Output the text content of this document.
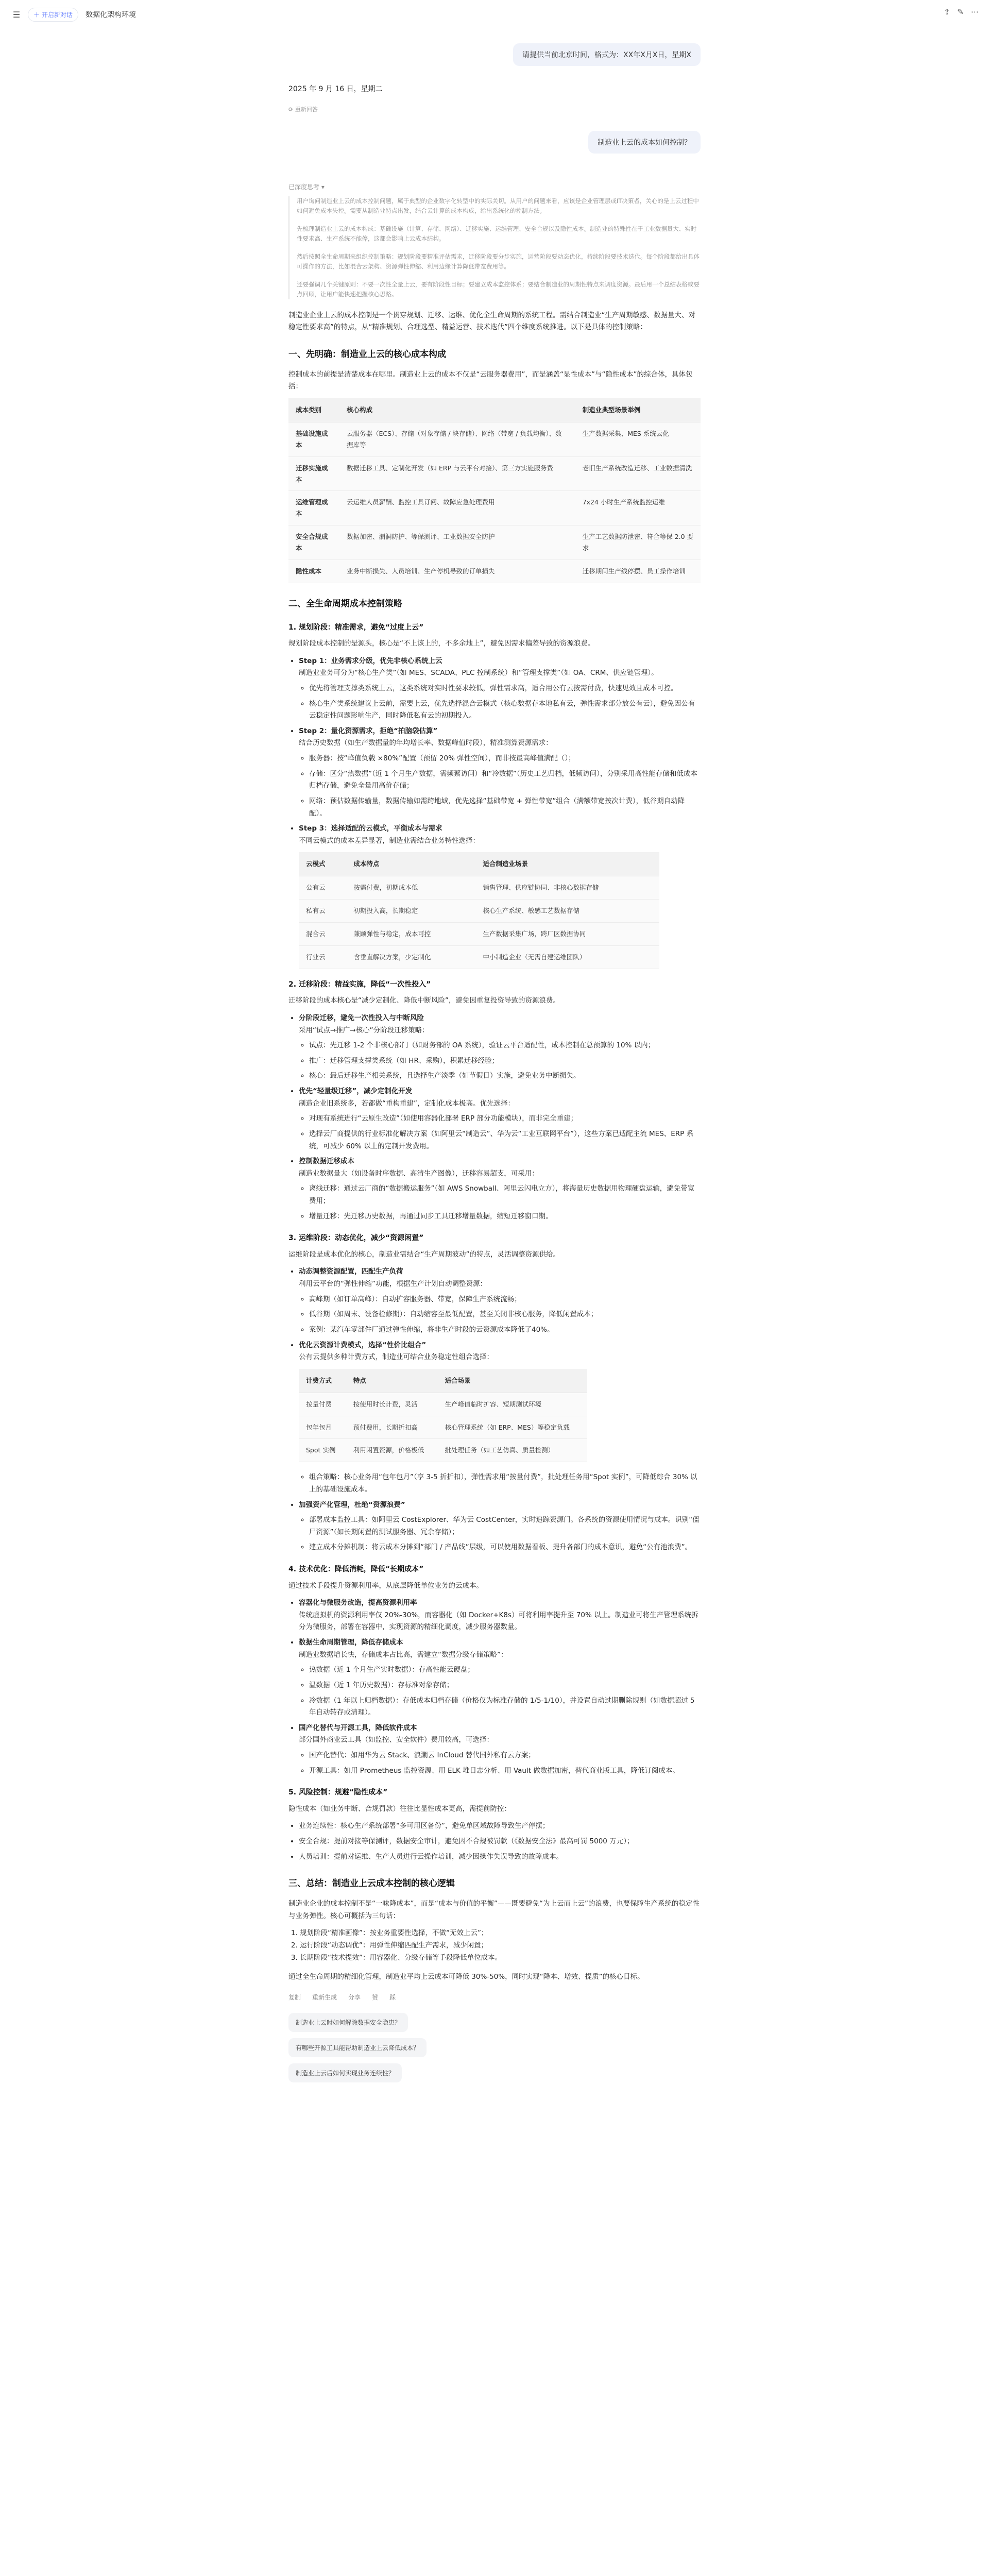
☰	＋ 开启新对话 数据化架构环境	⇪ ✎ ⋯
请提供当前北京时间，格式为：XX年X月X日，星期X
2025 年 9 月 16 日，星期二
⟳ 重新回答
制造业上云的成本如何控制？
已深度思考 ▾

用户询问制造业上云的成本控制问题，属于典型的企业数字化转型中的实际关切。从用户的问题来看，应该是企业管理层或IT决策者，关心的是上云过程中如何避免成本失控。需要从制造业特点出发，结合云计算的成本构成，给出系统化的控制方法。

先梳理制造业上云的成本构成：基础设施（计算、存储、网络）、迁移实施、运维管理、安全合规以及隐性成本。制造业的特殊性在于工业数据量大、实时性要求高、生产系统不能停，这都会影响上云成本结构。

然后按照全生命周期来组织控制策略：规划阶段要精准评估需求，迁移阶段要分步实施，运营阶段要动态优化，持续阶段要技术迭代。每个阶段都给出具体可操作的方法，比如混合云架构、资源弹性伸缩、利用边缘计算降低带宽费用等。

还要强调几个关键原则：不要一次性全量上云，要有阶段性目标；要建立成本监控体系；要结合制造业的周期性特点来调度资源。最后用一个总结表格或要点回顾，让用户能快速把握核心思路。

制造业企业上云的成本控制是一个贯穿规划、迁移、运维、优化全生命周期的系统工程。需结合制造业“生产周期敏感、数据量大、对稳定性要求高”的特点，从“精准规划、合理选型、精益运营、技术迭代”四个维度系统推进。以下是具体的控制策略：

一、先明确：制造业上云的核心成本构成

控制成本的前提是清楚成本在哪里。制造业上云的成本不仅是“云服务器费用”，而是涵盖“显性成本”与“隐性成本”的综合体，具体包括：

成本类别	核心构成	制造业典型场景举例
基础设施成本	云服务器（ECS）、存储（对象存储 / 块存储）、网络（带宽 / 负载均衡）、数据库等	生产数据采集、MES 系统云化
迁移实施成本	数据迁移工具、定制化开发（如 ERP 与云平台对接）、第三方实施服务费	老旧生产系统改造迁移、工业数据清洗
运维管理成本	云运维人员薪酬、监控工具订阅、故障应急处理费用	7x24 小时生产系统监控运维
安全合规成本	数据加密、漏洞防护、等保测评、工业数据安全防护	生产工艺数据防泄密、符合等保 2.0 要求
隐性成本	业务中断损失、人员培训、生产停机导致的订单损失	迁移期间生产线停摆、员工操作培训
二、全生命周期成本控制策略
1. 规划阶段：精准需求，避免“过度上云”

规划阶段成本控制的是源头，核心是“不上该上的，不多余地上”，避免因需求偏差导致的资源浪费。

• Step 1：业务需求分级，优先非核心系统上云
制造业业务可分为“核心生产类”（如 MES、SCADA、PLC 控制系统）和“管理支撑类”（如 OA、CRM、供应链管理）。
◦ 优先将管理支撑类系统上云，这类系统对实时性要求较低，弹性需求高，适合用公有云按需付费，快速见效且成本可控。
◦ 核心生产类系统建议上云前，需要上云，优先选择混合云模式（核心数据存本地私有云，弹性需求部分放公有云），避免因公有云稳定性问题影响生产，同时降低私有云的初期投入。
• Step 2：量化资源需求，拒绝“拍脑袋估算”
结合历史数据（如生产数据量的年均增长率、数据峰值时段），精准测算资源需求：
◦ 服务器：按“峰值负载 ×80%”配置（预留 20% 弹性空间），而非按最高峰值满配（）；
◦ 存储：区分“热数据”（近 1 个月生产数据，需频繁访问）和“冷数据”（历史工艺归档，低频访问），分别采用高性能存储和低成本归档存储，避免全量用高价存储；
◦ 网络：预估数据传输量，数据传输如需跨地域，优先选择“基础带宽 + 弹性带宽”组合（满额带宽按次计费），低谷期自动降配）。
• Step 3：选择适配的云模式，平衡成本与需求
不同云模式的成本差异显著，制造业需结合业务特性选择：
云模式	成本特点	适合制造业场景
公有云	按需付费，初期成本低	销售管理、供应链协同、非核心数据存储
私有云	初期投入高，长期稳定	核心生产系统、敏感工艺数据存储
混合云	兼顾弹性与稳定，成本可控	生产数据采集广场，跨厂区数据协同
行业云	含垂直解决方案，少定制化	中小制造企业（无需自建运维团队）
2. 迁移阶段：精益实施，降低“一次性投入”

迁移阶段的成本核心是“减少定制化、降低中断风险”，避免因重复投资导致的资源浪费。

• 分阶段迁移，避免一次性投入与中断风险
采用“试点→推广→核心”分阶段迁移策略：
◦ 试点：先迁移 1-2 个非核心部门（如财务部的 OA 系统），验证云平台适配性，成本控制在总预算的 10% 以内；
◦ 推广：迁移管理支撑类系统（如 HR、采购），积累迁移经验；
◦ 核心：最后迁移生产相关系统，且选择生产淡季（如节假日）实施，避免业务中断损失。
• 优先“轻量级迁移”，减少定制化开发
制造企业旧系统多，若都做“重构重建”，定制化成本极高。优先选择：
◦ 对现有系统进行“云原生改造”（如使用容器化部署 ERP 部分功能模块），而非完全重建；
◦ 选择云厂商提供的行业标准化解决方案（如阿里云“制造云”、华为云“工业互联网平台”），这些方案已适配主流 MES、ERP 系统，可减少 60% 以上的定制开发费用。
• 控制数据迁移成本
制造业数据量大（如设备时序数据、高清生产图像），迁移容易超支，可采用：
◦ 离线迁移：通过云厂商的“数据搬运服务”（如 AWS Snowball、阿里云闪电立方），将海量历史数据用物理硬盘运输，避免带宽费用；
◦ 增量迁移：先迁移历史数据，再通过同步工具迁移增量数据，缩短迁移窗口期。
3. 运维阶段：动态优化，减少“资源闲置”

运维阶段是成本优化的核心，制造业需结合“生产周期波动”的特点，灵活调整资源供给。

• 动态调整资源配置，匹配生产负荷
利用云平台的“弹性伸缩”功能，根据生产计划自动调整资源：
◦ 高峰期（如订单高峰）：自动扩容服务器、带宽，保障生产系统流畅；
◦ 低谷期（如周末、设备检修期）：自动缩容至最低配置，甚至关闭非核心服务，降低闲置成本；
◦ 案例：某汽车零部件厂通过弹性伸缩，将非生产时段的云资源成本降低了40%。
• 优化云资源计费模式，选择“性价比组合”
公有云提供多种计费方式，制造业可结合业务稳定性组合选择：
计费方式	特点	适合场景
按量付费	按使用时长计费，灵活	生产峰值临时扩容、短期测试环境
包年包月	预付费用，长期折扣高	核心管理系统（如 ERP、MES）等稳定负载
Spot 实例	利用闲置资源，价格极低	批处理任务（如工艺仿真、质量检测）
◦ 组合策略：核心业务用“包年包月”（享 3-5 折折扣），弹性需求用“按量付费”，批处理任务用“Spot 实例”，可降低综合 30% 以上的基础设施成本。
• 加强资产化管理，杜绝“资源浪费”
◦ 部署成本监控工具：如阿里云 CostExplorer、华为云 CostCenter，实时追踪资源门。各系统的资源使用情况与成本。识别“僵尸资源”（如长期闲置的测试服务器、冗余存储）；
◦ 建立成本分摊机制：将云成本分摊到“部门 / 产品线”层级，可以使用数据看板、提升各部门的成本意识，避免“公有池浪费”。
4. 技术优化：降低消耗，降低“长期成本”

通过技术手段提升资源利用率，从底层降低单位业务的云成本。

• 容器化与微服务改造，提高资源利用率
传统虚拟机的资源利用率仅 20%-30%，而容器化（如 Docker+K8s）可将利用率提升至 70% 以上。制造业可将生产管理系统拆分为微服务，部署在容器中，实现资源的精细化调度，减少服务器数量。
• 数据生命周期管理，降低存储成本
制造业数据增长快，存储成本占比高，需建立“数据分级存储策略”：
◦ 热数据（近 1 个月生产实时数据）：存高性能云硬盘；
◦ 温数据（近 1 年历史数据）：存标准对象存储；
◦ 冷数据（1 年以上归档数据）：存低成本归档存储（价格仅为标准存储的 1/5-1/10），并设置自动过期删除规则（如数据超过 5 年自动转存或清理）。
• 国产化替代与开源工具，降低软件成本
部分国外商业云工具（如监控、安全软件）费用较高，可选择：
◦ 国产化替代：如用华为云 Stack、浪潮云 InCloud 替代国外私有云方案；
◦ 开源工具：如用 Prometheus 监控资源、用 ELK 堆日志分析、用 Vault 做数据加密，替代商业版工具，降低订阅成本。
5. 风险控制：规避“隐性成本”

隐性成本（如业务中断、合规罚款）往往比显性成本更高，需提前防控：

• 业务连续性：核心生产系统部署“多可用区备份”，避免单区域故障导致生产停摆；
• 安全合规：提前对接等保测评，数据安全审计，避免因不合规被罚款（《数据安全法》最高可罚 5000 万元）；
• 人员培训：提前对运维、生产人员进行云操作培训，减少因操作失误导致的故障成本。
三、总结：制造业上云成本控制的核心逻辑

制造业企业的成本控制不是“一味降成本”，而是“成本与价值的平衡”——既要避免“为上云而上云”的浪费，也要保障生产系统的稳定性与业务弹性。核心可概括为三句话：

1. 规划阶段“精准画像”：按业务重要性选择，不做“无效上云”；
2. 运行阶段“动态调优”：用弹性伸缩匹配生产需求，减少闲置；
3. 长期阶段“技术提效”：用容器化、分级存储等手段降低单位成本。

通过全生命周期的精细化管理，制造业平均上云成本可降低 30%-50%，同时实现“降本、增效、提质”的核心目标。

复制 重新生成 分享 赞 踩
制造业上云时如何解除数据安全隐患？
有哪些开源工具能帮助制造业上云降低成本？
制造业上云后如何实现业务连续性？
